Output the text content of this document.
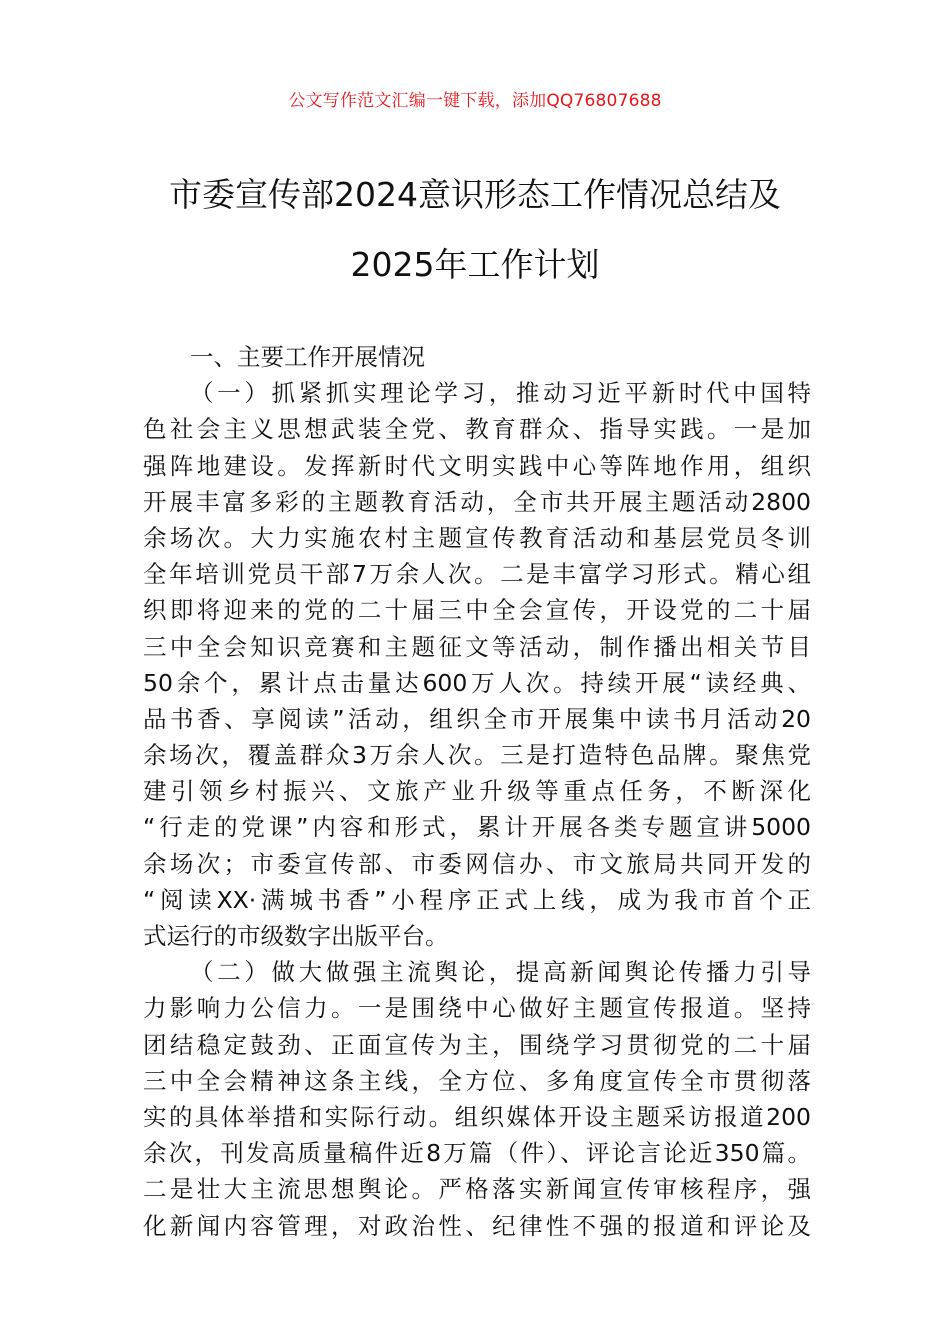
公文写作范文汇编一键下载，添加QQ76807688
市委宣传部2024意识形态工作情况总结及
2025年工作计划
一、主要工作开展情况
（一）抓紧抓实理论学习，推动习近平新时代中国特
色社会主义思想武装全党、教育群众、指导实践。一是加
强阵地建设。发挥新时代文明实践中心等阵地作用，组织
开展丰富多彩的主题教育活动，全市共开展主题活动2800
余场次。大力实施农村主题宣传教育活动和基层党员冬训
全年培训党员干部7万余人次。二是丰富学习形式。精心组
织即将迎来的党的二十届三中全会宣传，开设党的二十届
三中全会知识竞赛和主题征文等活动，制作播出相关节目
50余个，累计点击量达600万人次。持续开展“读经典、
品书香、享阅读”活动，组织全市开展集中读书月活动20
余场次，覆盖群众3万余人次。三是打造特色品牌。聚焦党
建引领乡村振兴、文旅产业升级等重点任务，不断深化
“行走的党课”内容和形式，累计开展各类专题宣讲5000
余场次；市委宣传部、市委网信办、市文旅局共同开发的
“阅读XX·满城书香”小程序正式上线，成为我市首个正
式运行的市级数字出版平台。
（二）做大做强主流舆论，提高新闻舆论传播力引导
力影响力公信力。一是围绕中心做好主题宣传报道。坚持
团结稳定鼓劲、正面宣传为主，围绕学习贯彻党的二十届
三中全会精神这条主线，全方位、多角度宣传全市贯彻落
实的具体举措和实际行动。组织媒体开设主题采访报道200
余次，刊发高质量稿件近8万篇（件）、评论言论近350篇。
二是壮大主流思想舆论。严格落实新闻宣传审核程序，强
化新闻内容管理，对政治性、纪律性不强的报道和评论及
